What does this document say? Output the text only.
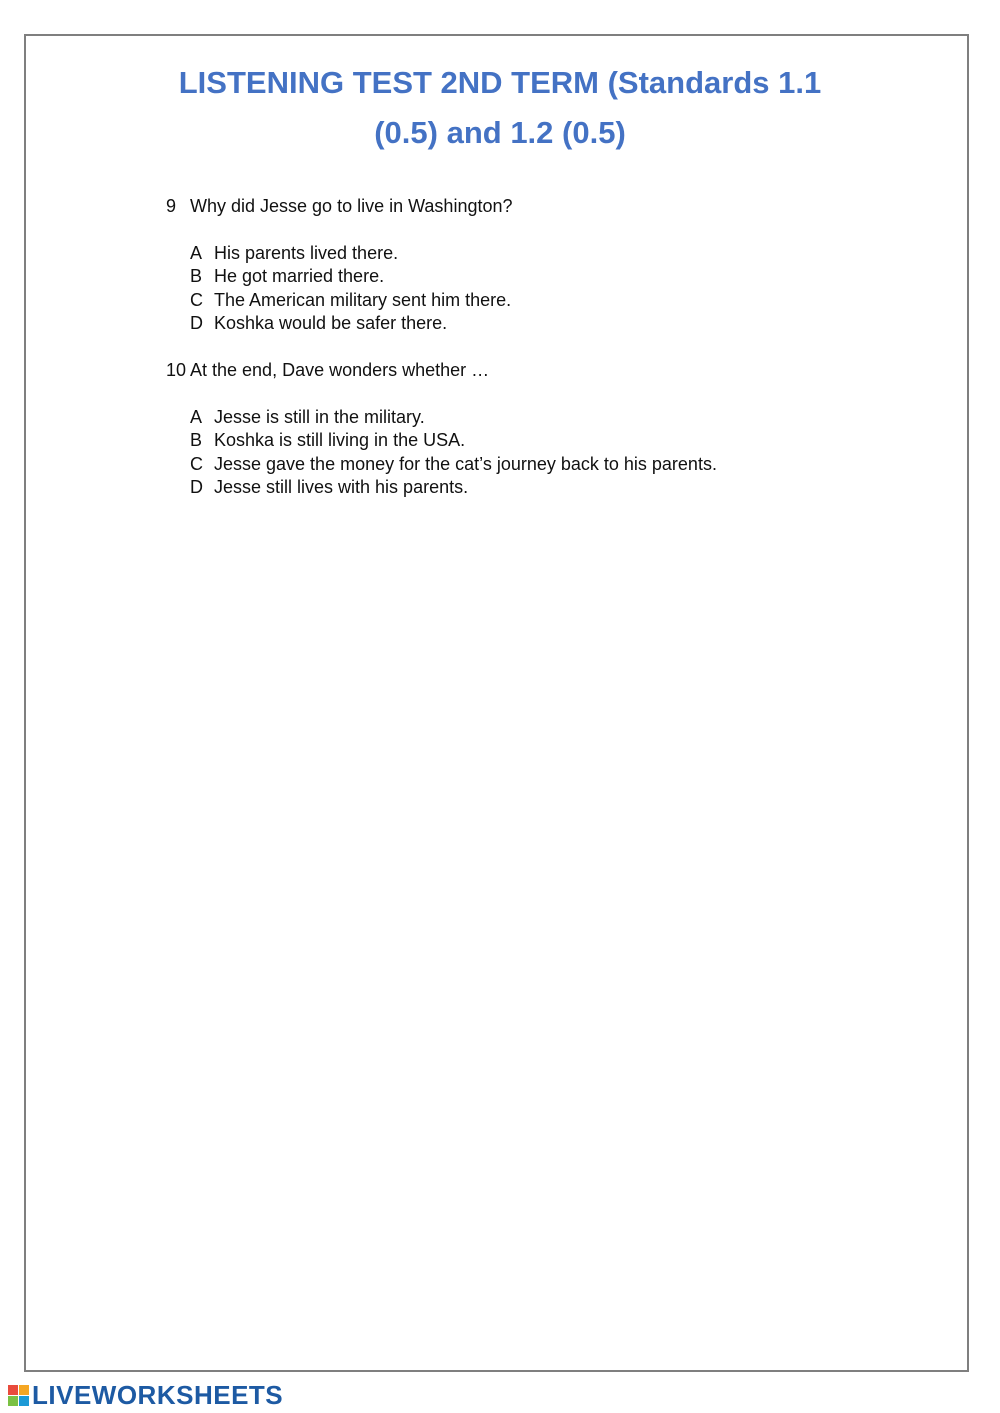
LISTENING TEST 2ND TERM (Standards 1.1
(0.5) and 1.2 (0.5)
9 Why did Jesse go to live in Washington?
A His parents lived there.
B He got married there.
C The American military sent him there.
D Koshka would be safer there.
10 At the end, Dave wonders whether …
A Jesse is still in the military.
B Koshka is still living in the USA.
C Jesse gave the money for the cat’s journey back to his parents.
D Jesse still lives with his parents.
LIVEWORKSHEETS
